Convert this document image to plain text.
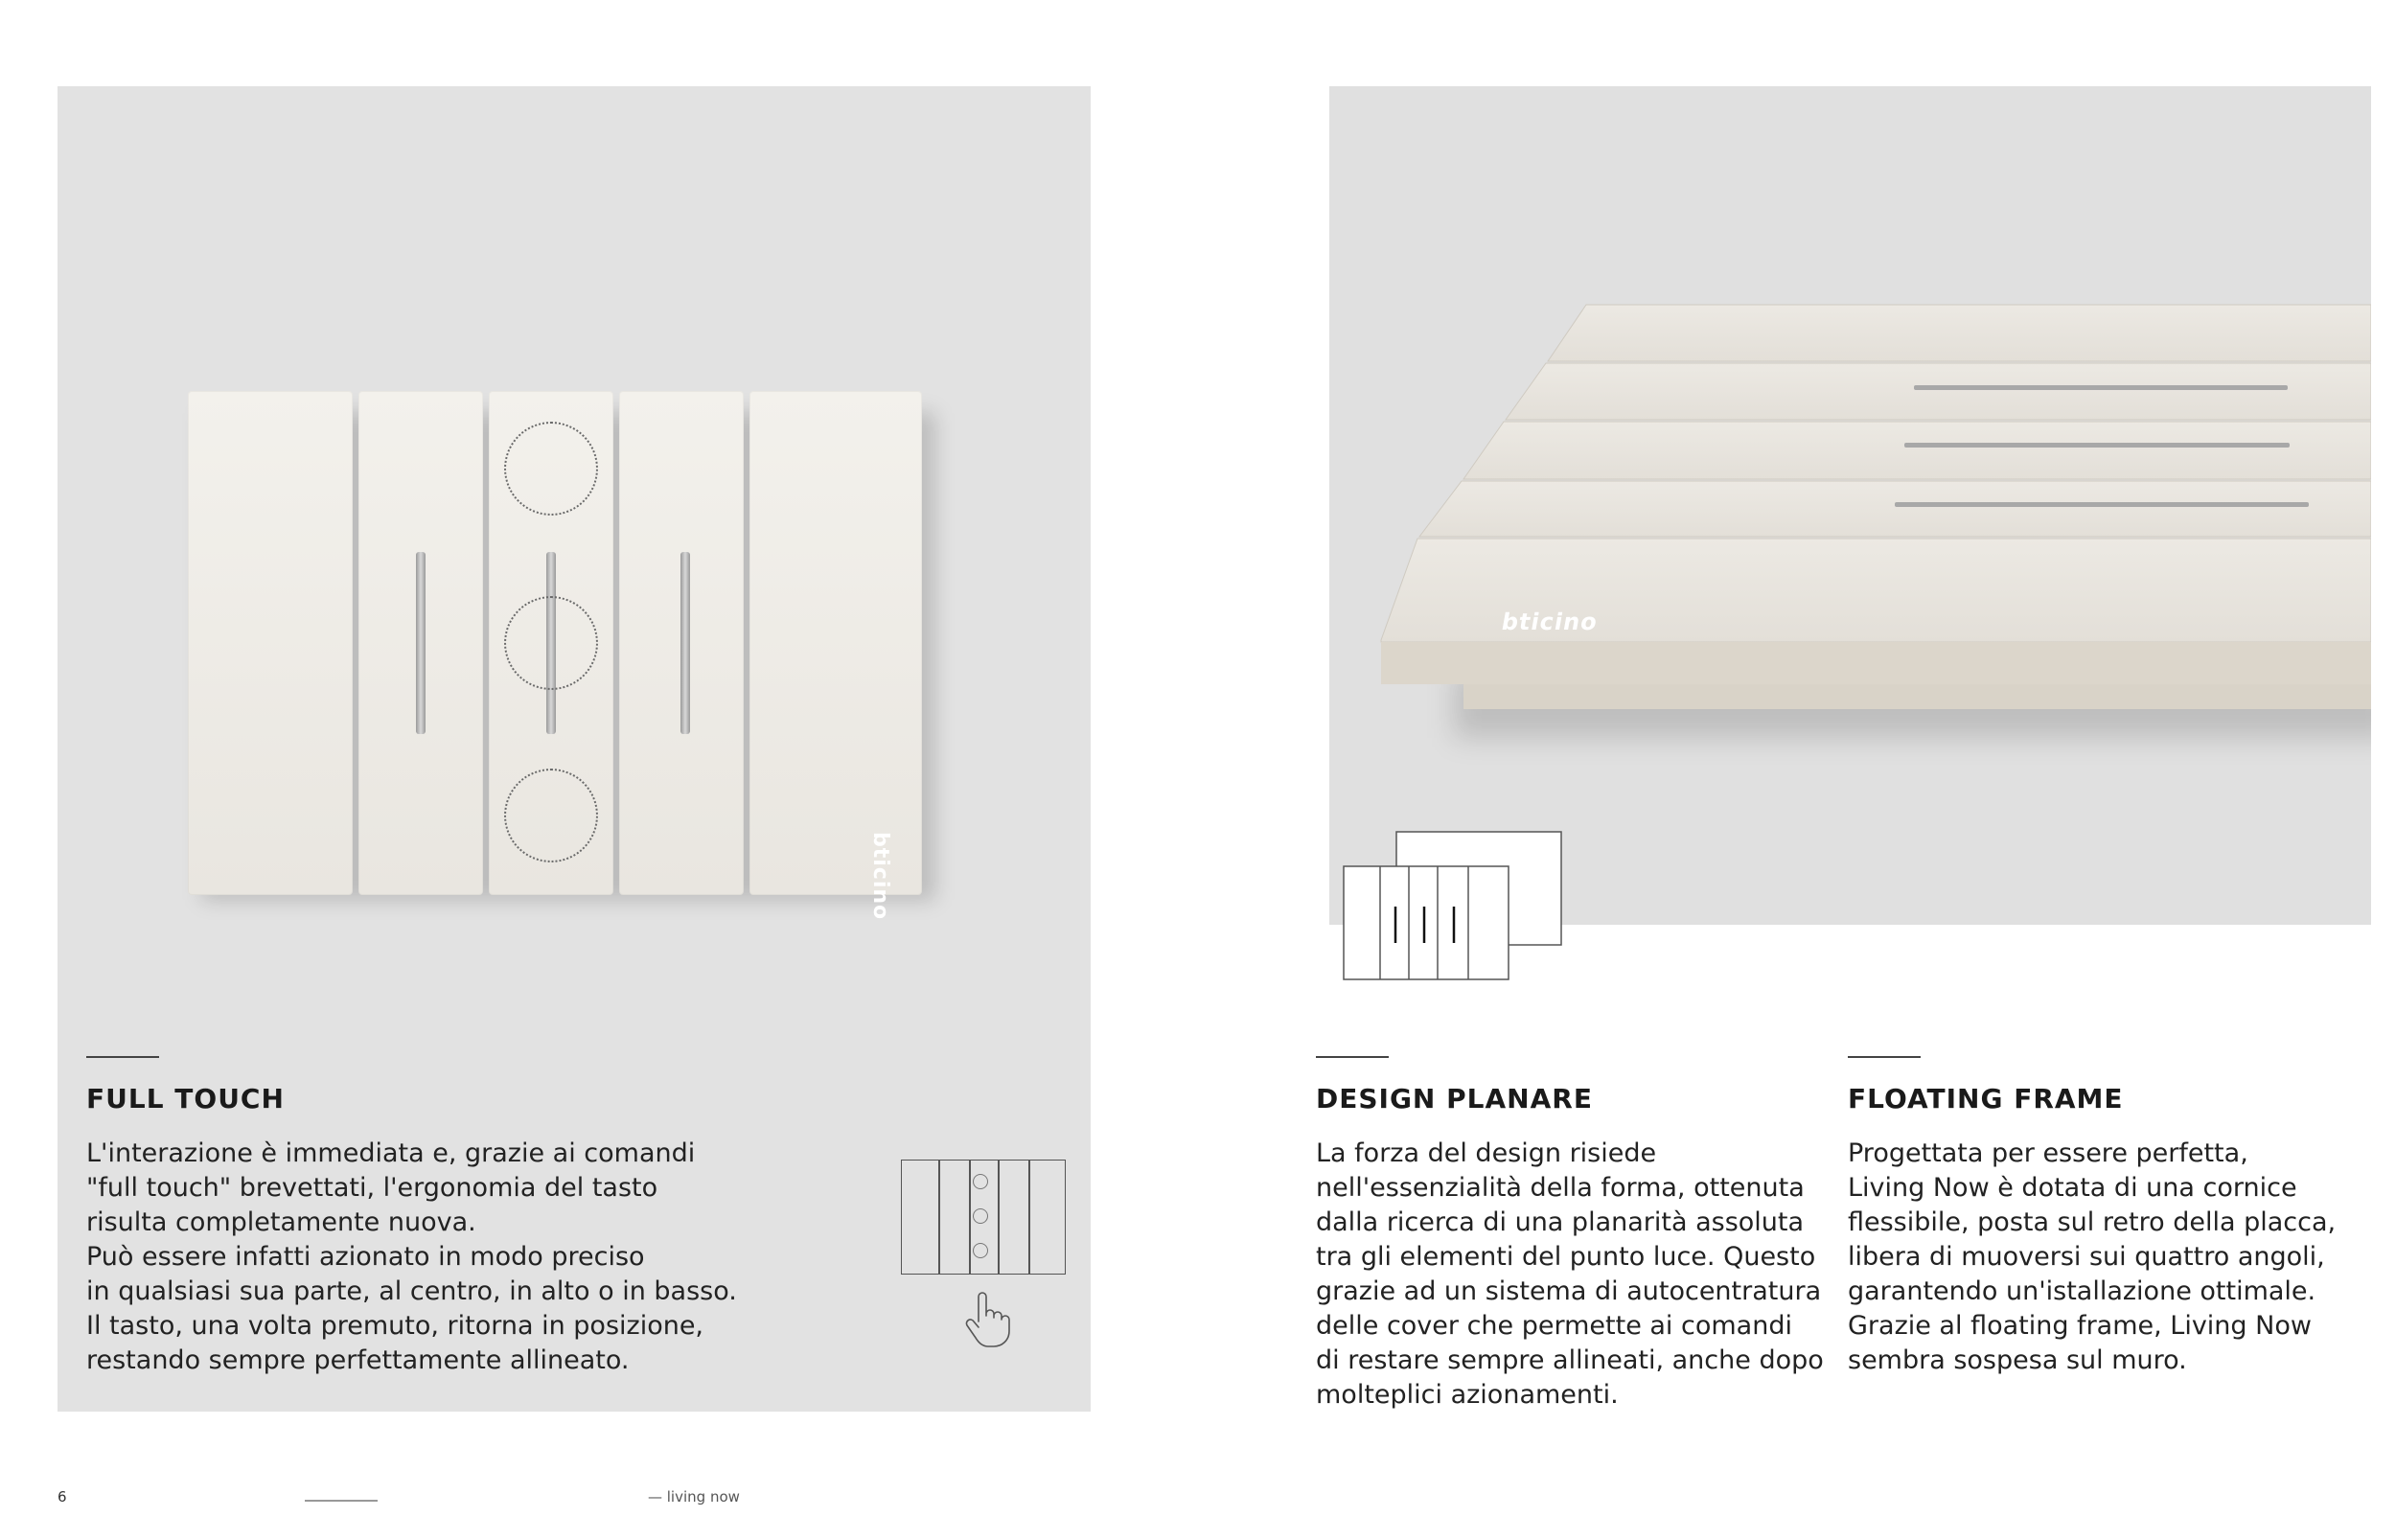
bticino
FULL TOUCH
L'interazione è immediata e, grazie ai comandi
"full touch" brevettati, l'ergonomia del tasto
risulta completamente nuova.
Può essere infatti azionato in modo preciso
in qualsiasi sua parte, al centro, in alto o in basso.
Il tasto, una volta premuto, ritorna in posizione,
restando sempre perfettamente allineato.
bticino
DESIGN PLANARE
La forza del design risiede
nell'essenzialità della forma, ottenuta
dalla ricerca di una planarità assoluta
tra gli elementi del punto luce. Questo
grazie ad un sistema di autocentratura
delle cover che permette ai comandi
di restare sempre allineati, anche dopo
molteplici azionamenti.
FLOATING FRAME
Progettata per essere perfetta,
Living Now è dotata di una cornice
flessibile, posta sul retro della placca,
libera di muoversi sui quattro angoli,
garantendo un'istallazione ottimale.
Grazie al floating frame, Living Now
sembra sospesa sul muro.
6	— living now
